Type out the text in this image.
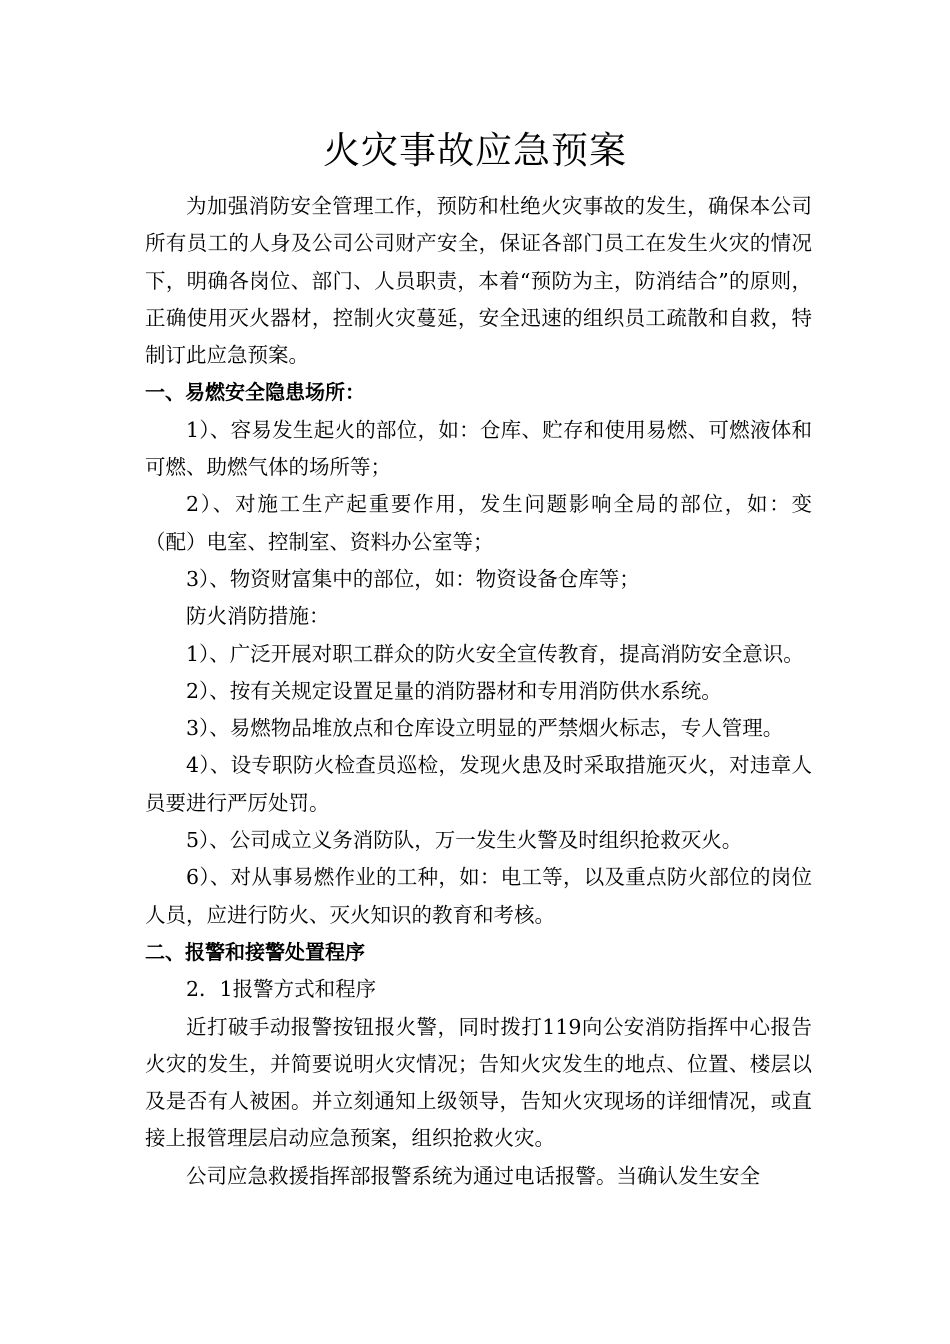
火灾事故应急预案

为加强消防安全管理工作，预防和杜绝火灾事故的发生，确保本公司所有员工的人身及公司公司财产安全，保证各部门员工在发生火灾的情况下，明确各岗位、部门、人员职责，本着“预防为主，防消结合”的原则，正确使用灭火器材，控制火灾蔓延，安全迅速的组织员工疏散和自救，特制订此应急预案。

一、易燃安全隐患场所：

1）、容易发生起火的部位，如：仓库、贮存和使用易燃、可燃液体和可燃、助燃气体的场所等；

2）、对施工生产起重要作用，发生问题影响全局的部位，如：变（配）电室、控制室、资料办公室等；

3）、物资财富集中的部位，如：物资设备仓库等；

防火消防措施：

1）、广泛开展对职工群众的防火安全宣传教育，提高消防安全意识。

2）、按有关规定设置足量的消防器材和专用消防供水系统。

3）、易燃物品堆放点和仓库设立明显的严禁烟火标志，专人管理。

4）、设专职防火检查员巡检，发现火患及时采取措施灭火，对违章人员要进行严厉处罚。

5）、公司成立义务消防队，万一发生火警及时组织抢救灭火。

6）、对从事易燃作业的工种，如：电工等，以及重点防火部位的岗位人员，应进行防火、灭火知识的教育和考核。

二、报警和接警处置程序

2．1报警方式和程序

近打破手动报警按钮报火警，同时拨打119向公安消防指挥中心报告火灾的发生，并简要说明火灾情况；告知火灾发生的地点、位置、楼层以及是否有人被困。并立刻通知上级领导，告知火灾现场的详细情况，或直接上报管理层启动应急预案，组织抢救火灾。

公司应急救援指挥部报警系统为通过电话报警。当确认发生安全
